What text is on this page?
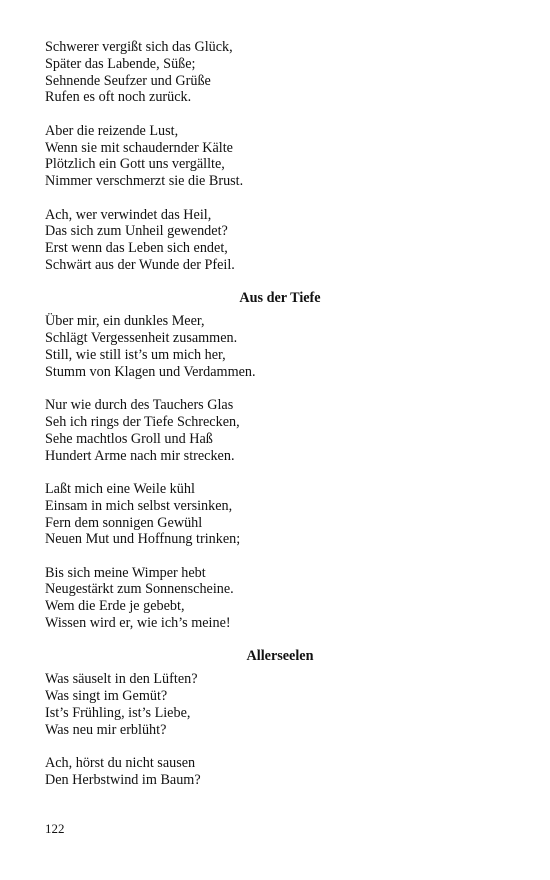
Schwerer vergißt sich das Glück,
Später das Labende, Süße;
Sehnende Seufzer und Grüße
Rufen es oft noch zurück.
Aber die reizende Lust,
Wenn sie mit schaudernder Kälte
Plötzlich ein Gott uns vergällte,
Nimmer verschmerzt sie die Brust.
Ach, wer verwindet das Heil,
Das sich zum Unheil gewendet?
Erst wenn das Leben sich endet,
Schwärt aus der Wunde der Pfeil.
Aus der Tiefe
Über mir, ein dunkles Meer,
Schlägt Vergessenheit zusammen.
Still, wie still ist’s um mich her,
Stumm von Klagen und Verdammen.
Nur wie durch des Tauchers Glas
Seh ich rings der Tiefe Schrecken,
Sehe machtlos Groll und Haß
Hundert Arme nach mir strecken.
Laßt mich eine Weile kühl
Einsam in mich selbst versinken,
Fern dem sonnigen Gewühl
Neuen Mut und Hoffnung trinken;
Bis sich meine Wimper hebt
Neugestärkt zum Sonnenscheine.
Wem die Erde je gebebt,
Wissen wird er, wie ich’s meine!
Allerseelen
Was säuselt in den Lüften?
Was singt im Gemüt?
Ist’s Frühling, ist’s Liebe,
Was neu mir erblüht?
Ach, hörst du nicht sausen
Den Herbstwind im Baum?
122
